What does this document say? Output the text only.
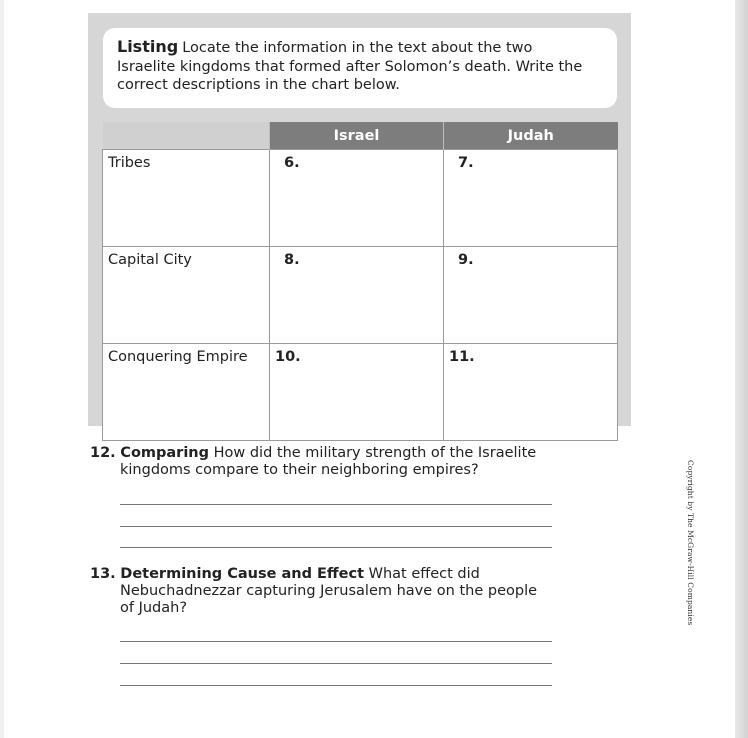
Listing Locate the information in the text about the two
Israelite kingdoms that formed after Solomon’s death. Write the
correct descriptions in the chart below.
	Israel	Judah
Tribes	6.	7.
Capital City	8.	9.
Conquering Empire	10.	11.
12. Comparing How did the military strength of the Israelite
kingdoms compare to their neighboring empires?
13. Determining Cause and Effect What effect did
Nebuchadnezzar capturing Jerusalem have on the people
of Judah?	Copyright by The McGraw-Hill Companies
